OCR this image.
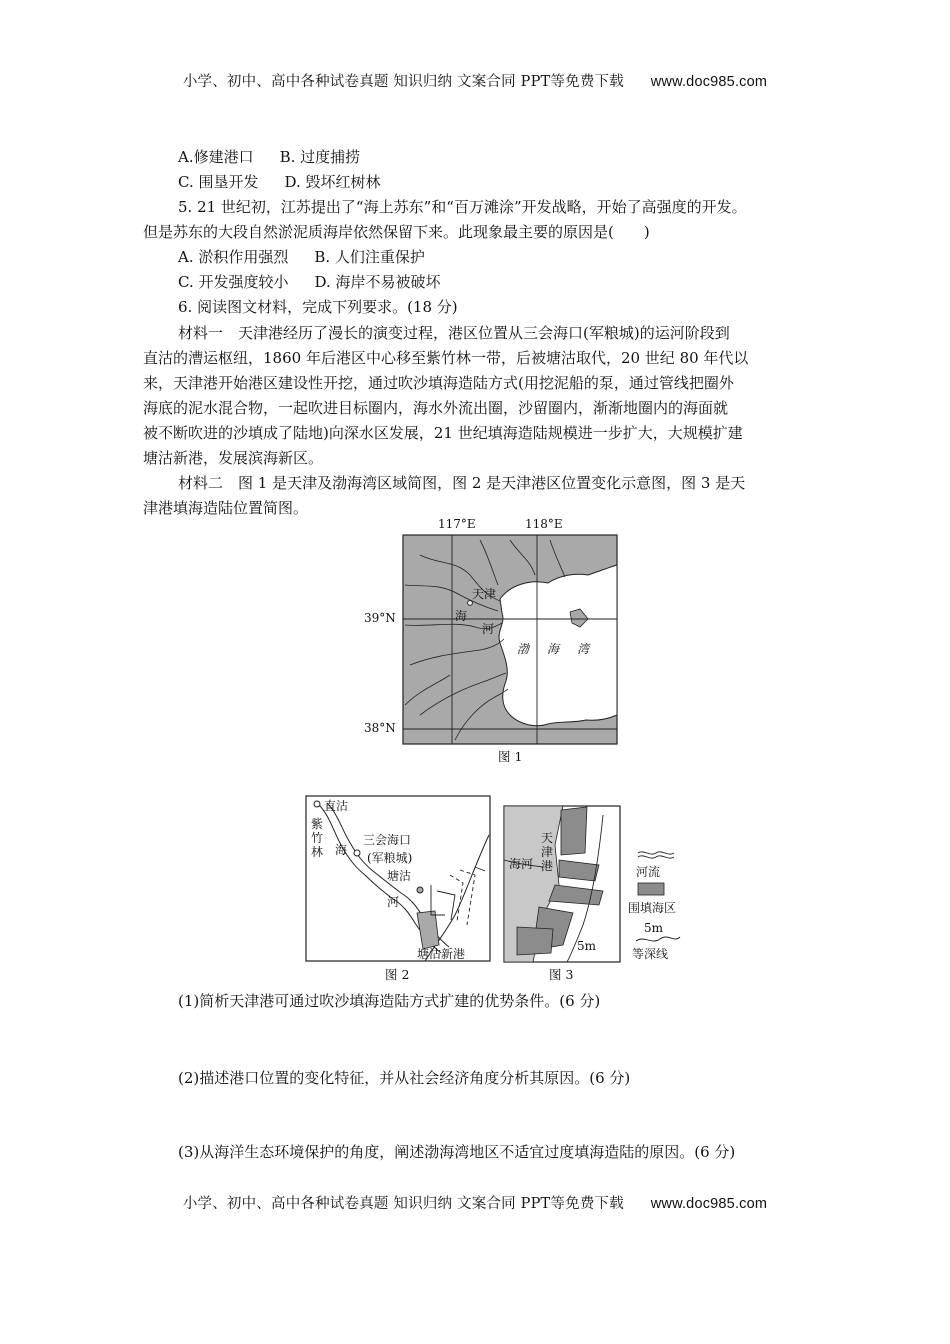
小学、初中、高中各种试卷真题 知识归纳 文案合同 PPT等免费下载 www.doc985.com
A.修建港口 B. 过度捕捞
C. 围垦开发 D. 毁坏红树林
5. 21 世纪初，江苏提出了“海上苏东”和“百万滩涂”开发战略，开始了高强度的开发。
但是苏东的大段自然淤泥质海岸依然保留下来。此现象最主要的原因是(　　)
A. 淤积作用强烈 B. 人们注重保护
C. 开发强度较小 D. 海岸不易被破坏
6. 阅读图文材料，完成下列要求。(18 分)
材料一　天津港经历了漫长的演变过程，港区位置从三会海口(军粮城)的运河阶段到
直沽的漕运枢纽，1860 年后港区中心移至紫竹林一带，后被塘沽取代，20 世纪 80 年代以
来，天津港开始港区建设性开挖，通过吹沙填海造陆方式(用挖泥船的泵，通过管线把圈外
海底的泥水混合物，一起吹进目标圈内，海水外流出圈，沙留圈内，渐渐地圈内的海面就
被不断吹进的沙填成了陆地)向深水区发展，21 世纪填海造陆规模进一步扩大，大规模扩建
塘沽新港，发展滨海新区。
材料二　图 1 是天津及渤海湾区域简图，图 2 是天津港区位置变化示意图，图 3 是天
津港填海造陆位置简图。
117°E	118°E
39°N
38°N
天津
海
河
渤 海 湾
图 1
直沽
紫
竹
林 海
三会海口
(军粮城)
塘沽
河
塘沽新港
图 2
天
津
港
海河
5m
图 3
河流
围填海区
5m
等深线
(1)简析天津港可通过吹沙填海造陆方式扩建的优势条件。(6 分)
(2)描述港口位置的变化特征，并从社会经济角度分析其原因。(6 分)
(3)从海洋生态环境保护的角度，阐述渤海湾地区不适宜过度填海造陆的原因。(6 分)
小学、初中、高中各种试卷真题 知识归纳 文案合同 PPT等免费下载 www.doc985.com
